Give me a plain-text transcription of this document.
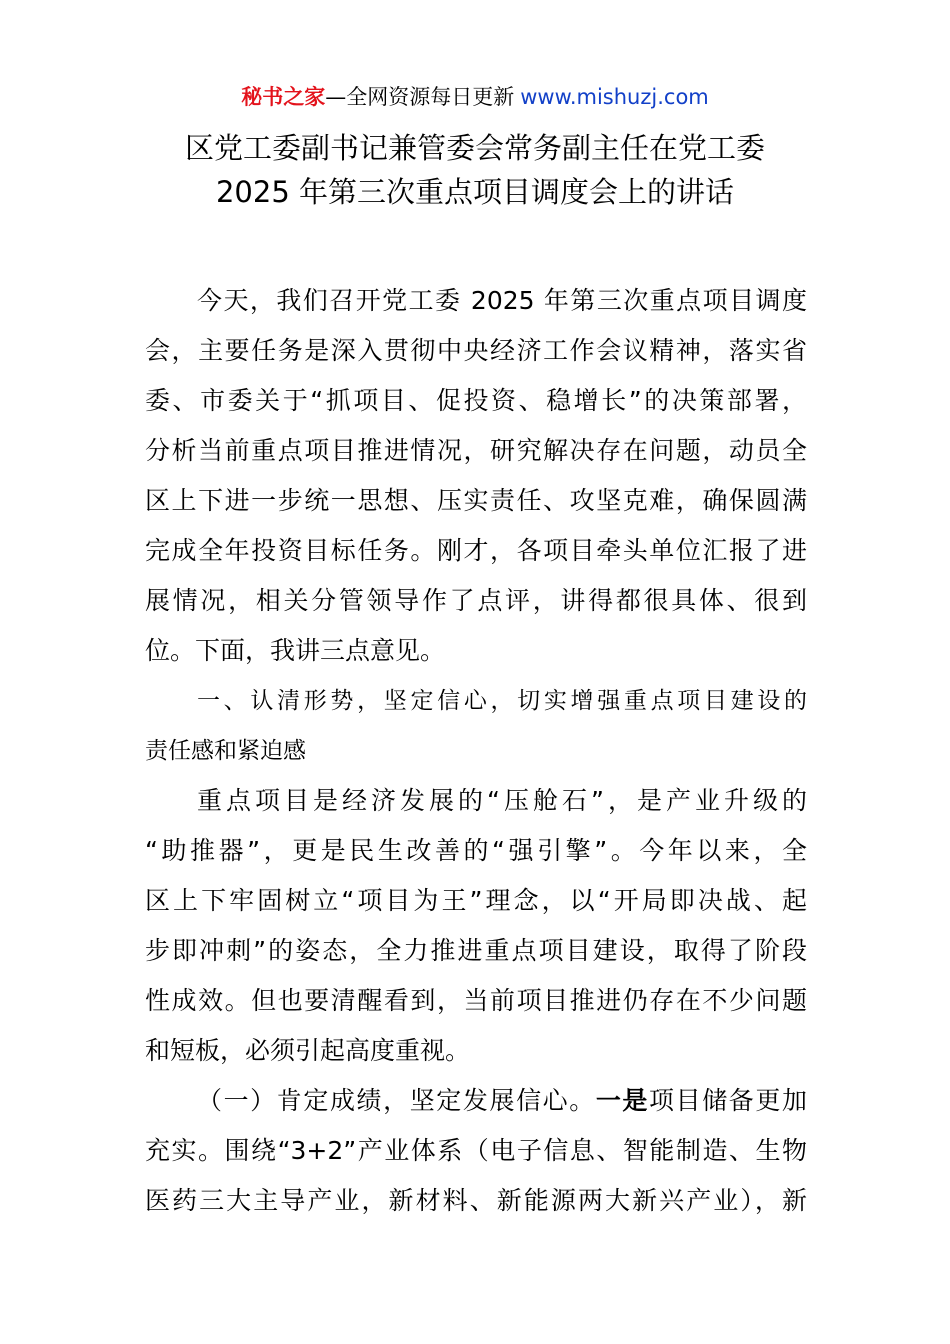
秘书之家—全网资源每日更新 www.mishuzj.com
区党工委副书记兼管委会常务副主任在党工委
2025 年第三次重点项目调度会上的讲话
今天，我们召开党工委 2025 年第三次重点项目调度
会，主要任务是深入贯彻中央经济工作会议精神，落实省
委、市委关于“抓项目、促投资、稳增长”的决策部署，
分析当前重点项目推进情况，研究解决存在问题，动员全
区上下进一步统一思想、压实责任、攻坚克难，确保圆满
完成全年投资目标任务。刚才，各项目牵头单位汇报了进
展情况，相关分管领导作了点评，讲得都很具体、很到
位。下面，我讲三点意见。
一、认清形势，坚定信心，切实增强重点项目建设的
责任感和紧迫感
重点项目是经济发展的“压舱石”，是产业升级的
“助推器”，更是民生改善的“强引擎”。今年以来，全
区上下牢固树立“项目为王”理念，以“开局即决战、起
步即冲刺”的姿态，全力推进重点项目建设，取得了阶段
性成效。但也要清醒看到，当前项目推进仍存在不少问题
和短板，必须引起高度重视。
（一）肯定成绩，坚定发展信心。一是项目储备更加
充实。围绕“3+2”产业体系（电子信息、智能制造、生物
医药三大主导产业，新材料、新能源两大新兴产业），新
